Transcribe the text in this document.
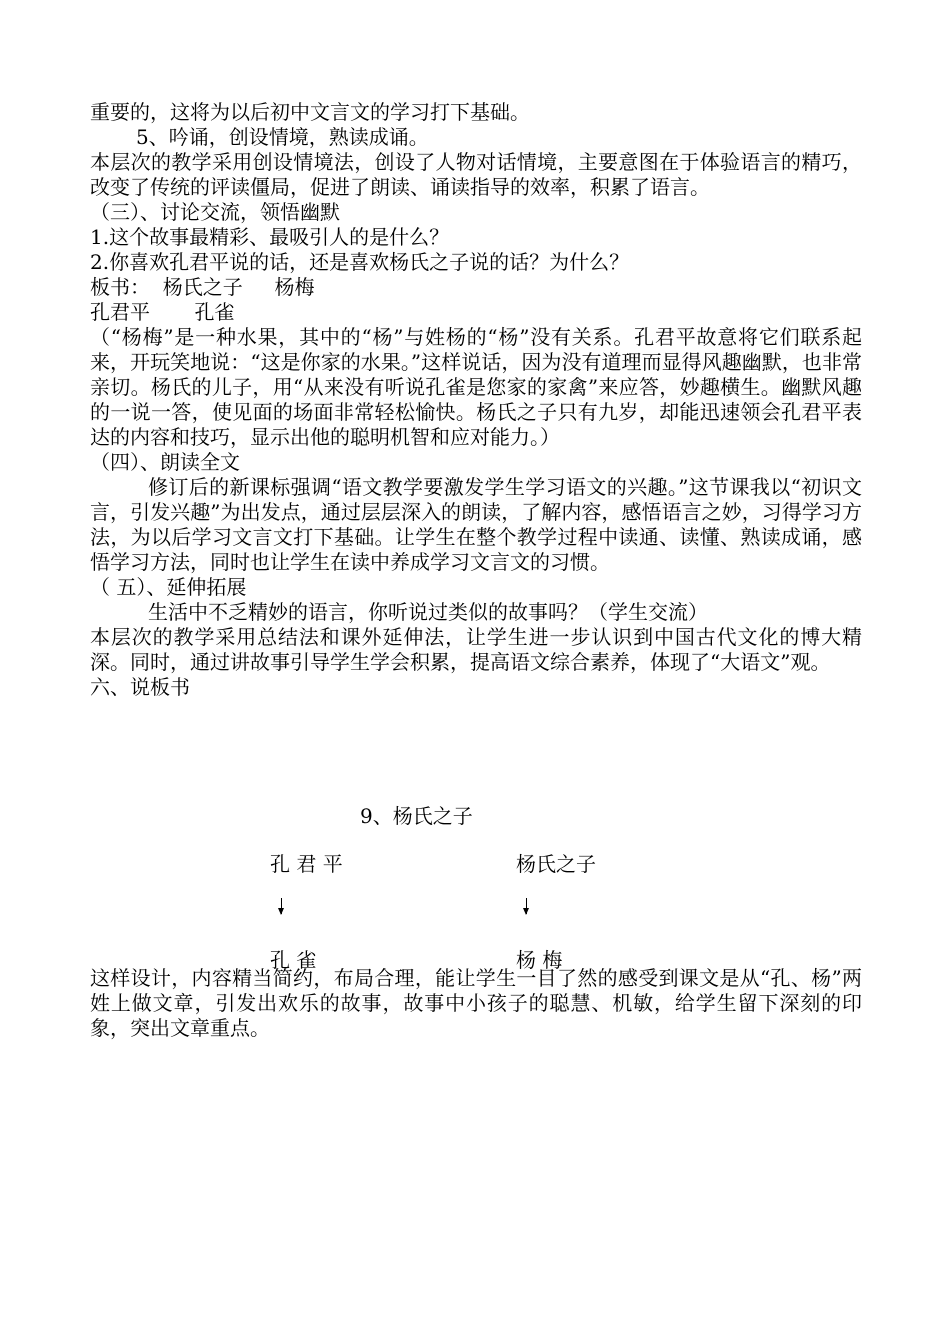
重要的，这将为以后初中文言文的学习打下基础。

5、吟诵，创设情境，熟读成诵。

本层次的教学采用创设情境法，创设了人物对话情境，主要意图在于体验语言的精巧，改变了传统的评读僵局，促进了朗读、诵读指导的效率，积累了语言。

（三）、讨论交流，领悟幽默

1.这个故事最精彩、最吸引人的是什么？

2.你喜欢孔君平说的话，还是喜欢杨氏之子说的话？为什么？

板书：  杨氏之子     杨梅

孔君平       孔雀

（“杨梅”是一种水果，其中的“杨”与姓杨的“杨”没有关系。孔君平故意将它们联系起来，开玩笑地说：“这是你家的水果。”这样说话，因为没有道理而显得风趣幽默，也非常亲切。杨氏的儿子，用“从来没有听说孔雀是您家的家禽”来应答，妙趣横生。幽默风趣的一说一答，使见面的场面非常轻松愉快。杨氏之子只有九岁，却能迅速领会孔君平表达的内容和技巧，显示出他的聪明机智和应对能力。）

（四）、朗读全文

修订后的新课标强调“语文教学要激发学生学习语文的兴趣。”这节课我以“初识文言，引发兴趣”为出发点，通过层层深入的朗读，了解内容，感悟语言之妙，习得学习方法，为以后学习文言文打下基础。让学生在整个教学过程中读通、读懂、熟读成诵，感悟学习方法，同时也让学生在读中养成学习文言文的习惯。

（ 五）、延伸拓展

生活中不乏精妙的语言，你听说过类似的故事吗？（学生交流）

本层次的教学采用总结法和课外延伸法，让学生进一步认识到中国古代文化的博大精深。同时，通过讲故事引导学生学会积累，提高语文综合素养，体现了“大语文”观。

六、说板书

9、杨氏之子
孔 君 平	杨氏之子
孔 雀	杨 梅

这样设计，内容精当简约，布局合理，能让学生一目了然的感受到课文是从“孔、杨”两姓上做文章，引发出欢乐的故事，故事中小孩子的聪慧、机敏，给学生留下深刻的印象，突出文章重点。
